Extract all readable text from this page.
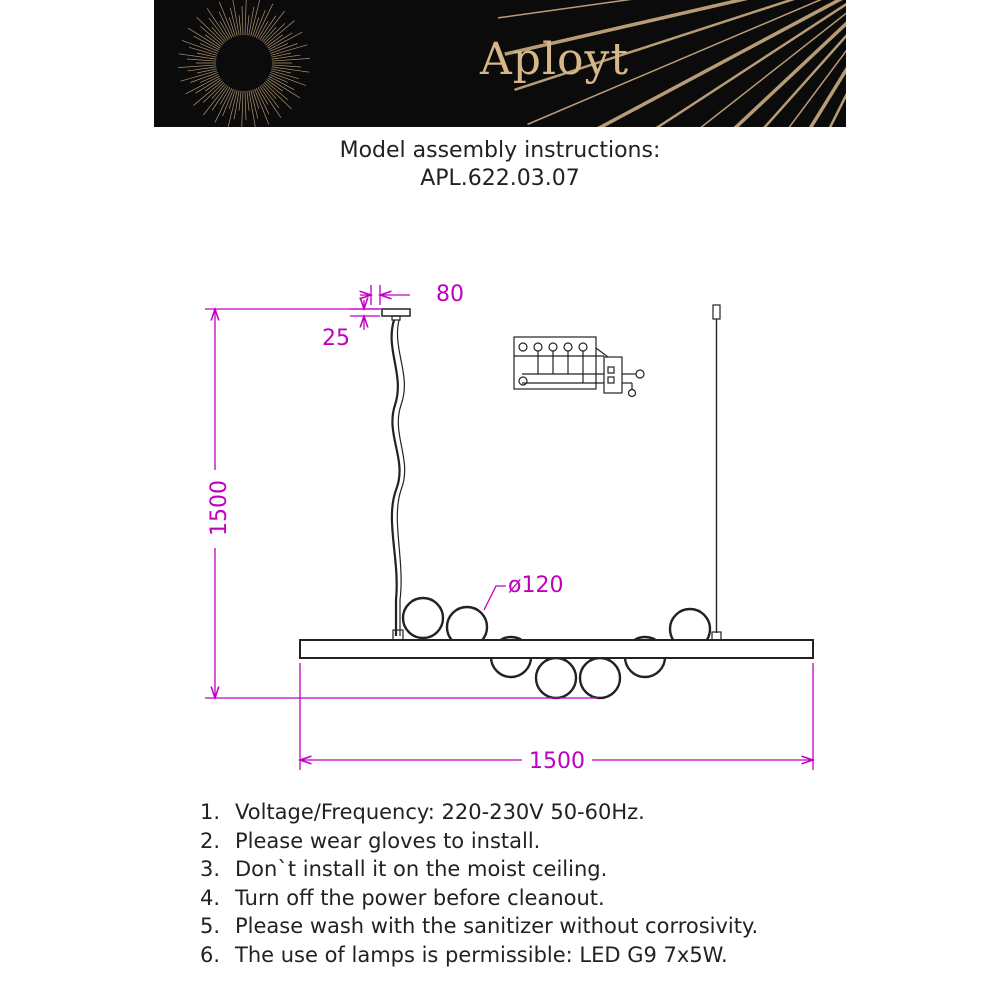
Aployt
Model assembly instructions:
APL.622.03.07
80
25
1500
1500
ø120
1. Voltage/Frequency: 220-230V 50-60Hz.
2. Please wear gloves to install.
3. Don`t install it on the moist ceiling.
4. Turn off the power before cleanout.
5. Please wash with the sanitizer without corrosivity.
6. The use of lamps is permissible: LED G9 7x5W.
